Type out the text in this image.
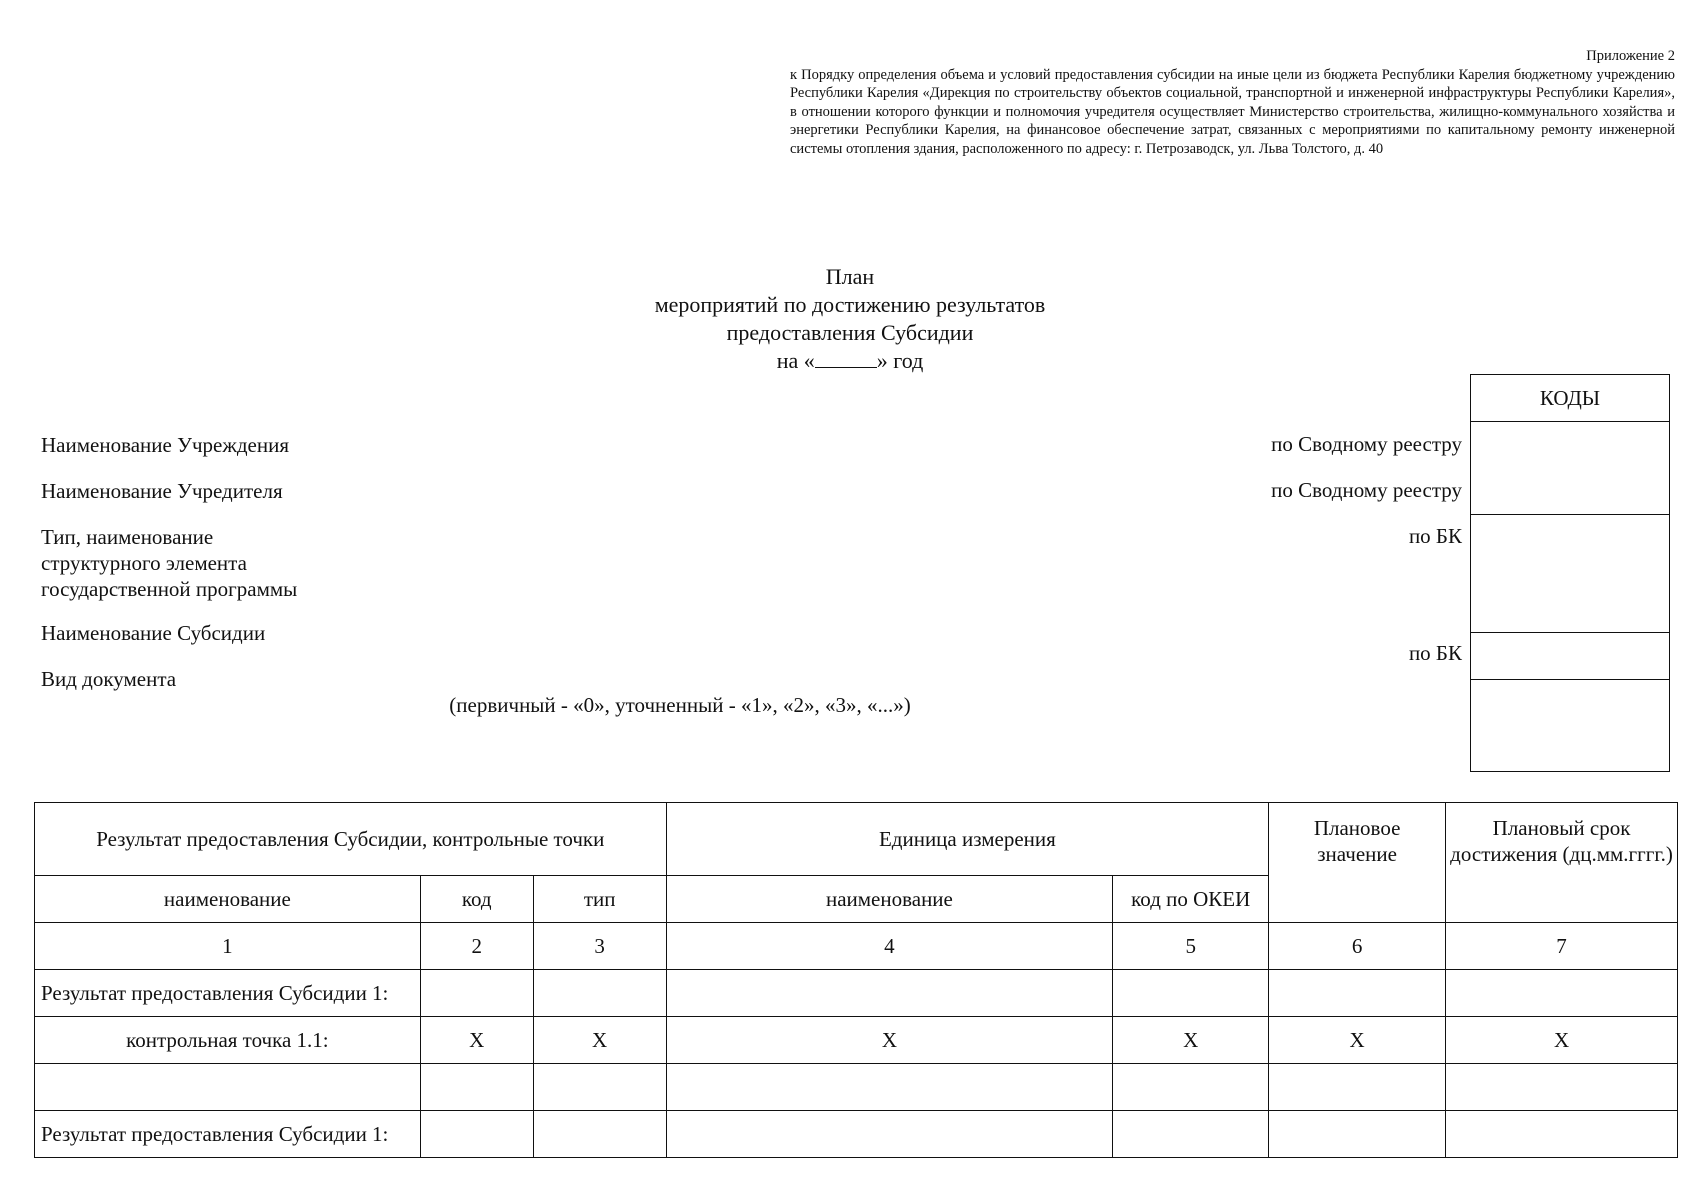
Приложение 2
к Порядку определения объема и условий предоставления субсидии на иные цели из бюджета Республики Карелия бюджетному учреждению Республики Карелия «Дирекция по строительству объектов социальной, транспортной и инженерной инфраструктуры Республики Карелия», в отношении которого функции и полномочия учредителя осуществляет Министерство строительства, жилищно-коммунального хозяйства и энергетики Республики Карелия, на финансовое обеспечение затрат, связанных с мероприятиями по капитальному ремонту инженерной системы отопления здания, расположенного по адресу: г. Петрозаводск, ул. Льва Толстого, д. 40
План
мероприятий по достижению результатов
предоставления Субсидии
на «	» год
Наименование Учреждения
Наименование Учредителя
Тип, наименование
структурного элемента
государственной программы
Наименование Субсидии
Вид документа
(первичный - «0», уточненный - «1», «2», «3», «...»)
по Сводному реестру
по Сводному реестру
по БК
по БК
КОДЫ
Результат предоставления Субсидии, контрольные точки			Единица измерения		Плановое значение	Плановый срок достижения (дц.мм.гггг.)
наименование	код	тип	наименование	код по ОКЕИ		
1	2	3	4	5	6	7
Результат предоставления Субсидии 1:						
контрольная точка 1.1:	X	X	X	X	X	X

Результат предоставления Субсидии 1:						
